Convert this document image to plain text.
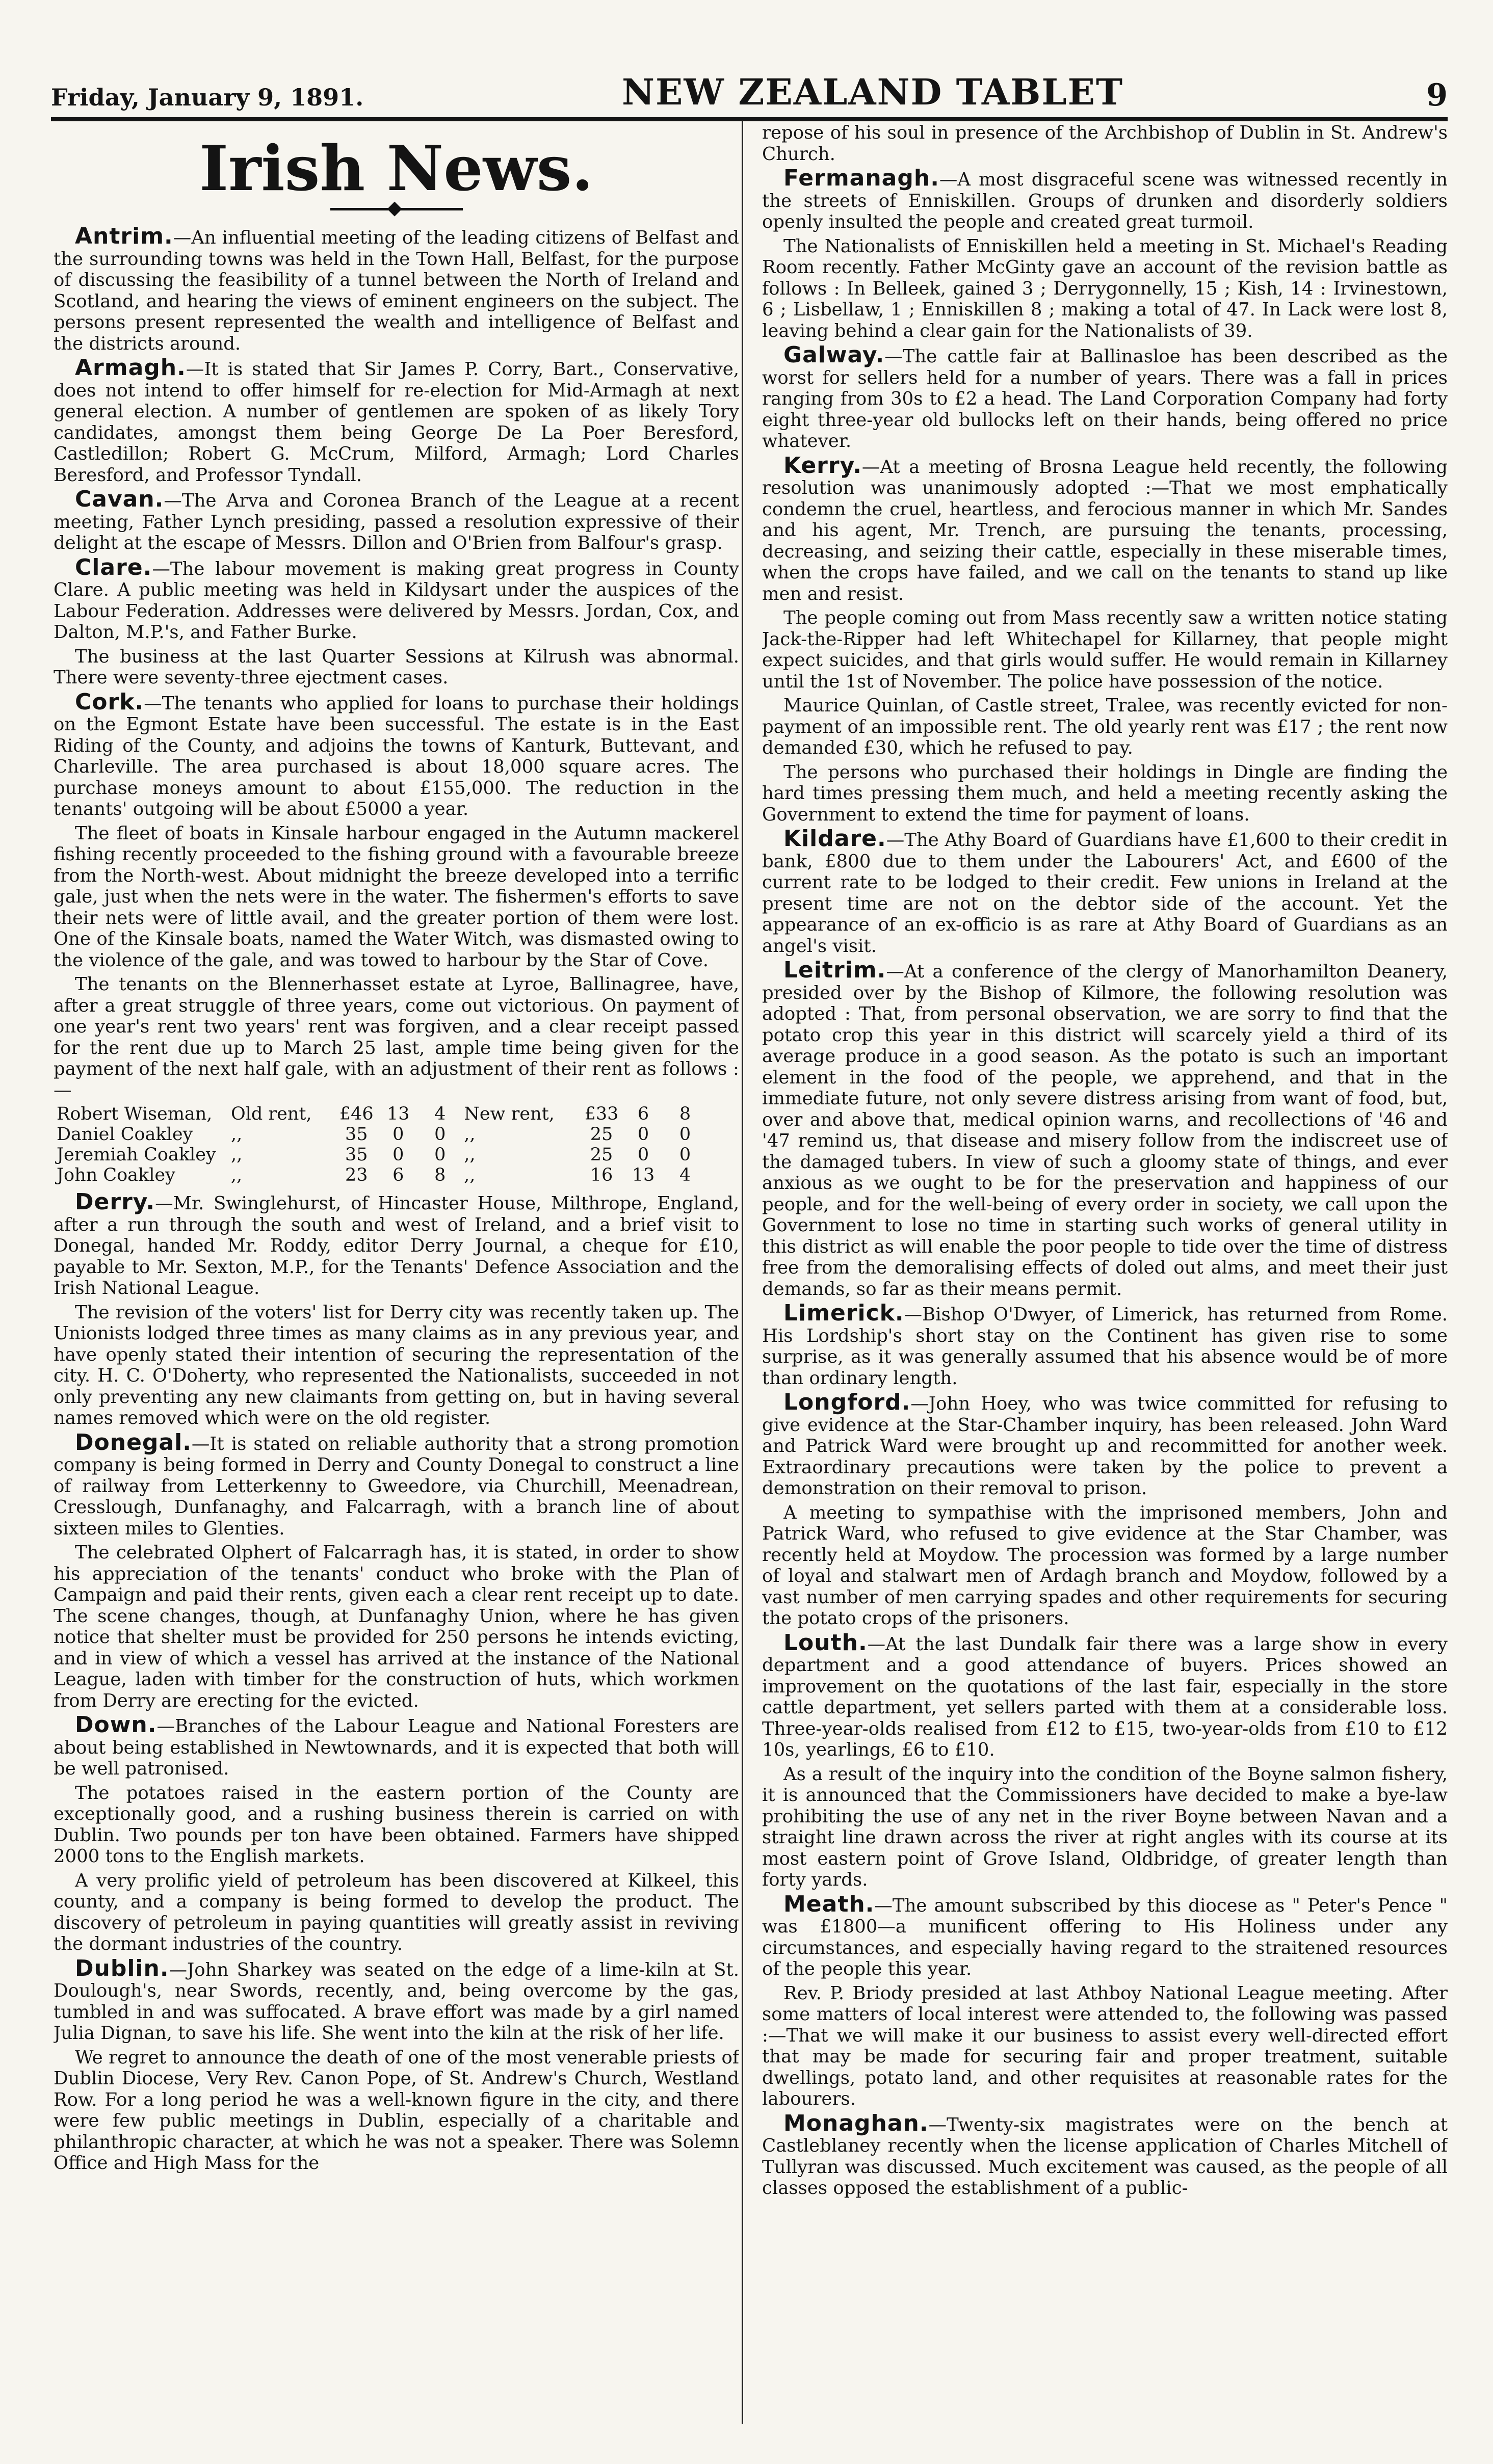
Friday, January 9, 1891.	NEW ZEALAND TABLET	9
Irish News.
◆

Antrim.—An influential meeting of the leading citizens of Belfast and the surrounding towns was held in the Town Hall, Belfast, for the purpose of discussing the feasibility of a tunnel between the North of Ireland and Scotland, and hearing the views of eminent engineers on the subject. The persons present represented the wealth and intelligence of Belfast and the districts around.

Armagh.—It is stated that Sir James P. Corry, Bart., Conservative, does not intend to offer himself for re-election for Mid-Armagh at next general election. A number of gentlemen are spoken of as likely Tory candidates, amongst them being George De La Poer Beresford, Castledillon; Robert G. McCrum, Milford, Armagh; Lord Charles Beresford, and Professor Tyndall.

Cavan.—The Arva and Coronea Branch of the League at a recent meeting, Father Lynch presiding, passed a resolution expressive of their delight at the escape of Messrs. Dillon and O'Brien from Balfour's grasp.

Clare.—The labour movement is making great progress in County Clare. A public meeting was held in Kildysart under the auspices of the Labour Federation. Addresses were delivered by Messrs. Jordan, Cox, and Dalton, M.P.'s, and Father Burke.

The business at the last Quarter Sessions at Kilrush was abnormal. There were seventy-three ejectment cases.

Cork.—The tenants who applied for loans to purchase their holdings on the Egmont Estate have been successful. The estate is in the East Riding of the County, and adjoins the towns of Kanturk, Buttevant, and Charleville. The area purchased is about 18,000 square acres. The purchase moneys amount to about £155,000. The reduction in the tenants' outgoing will be about £5000 a year.

The fleet of boats in Kinsale harbour engaged in the Autumn mackerel fishing recently proceeded to the fishing ground with a favourable breeze from the North-west. About midnight the breeze developed into a terrific gale, just when the nets were in the water. The fishermen's efforts to save their nets were of little avail, and the greater portion of them were lost. One of the Kinsale boats, named the Water Witch, was dismasted owing to the violence of the gale, and was towed to harbour by the Star of Cove.

The tenants on the Blennerhasset estate at Lyroe, Ballinagree, have, after a great struggle of three years, come out victorious. On payment of one year's rent two years' rent was forgiven, and a clear receipt passed for the rent due up to March 25 last, ample time being given for the payment of the next half gale, with an adjustment of their rent as follows :—

Robert Wiseman,	Old rent,	£46	13	4	New rent,	£33	6	8
Daniel Coakley	,,	35	0	0	,,	25	0	0
Jeremiah Coakley	,,	35	0	0	,,	25	0	0
John Coakley	,,	23	6	8	,,	16	13	4

Derry.—Mr. Swinglehurst, of Hincaster House, Milthrope, England, after a run through the south and west of Ireland, and a brief visit to Donegal, handed Mr. Roddy, editor Derry Journal, a cheque for £10, payable to Mr. Sexton, M.P., for the Tenants' Defence Association and the Irish National League.

The revision of the voters' list for Derry city was recently taken up. The Unionists lodged three times as many claims as in any previous year, and have openly stated their intention of securing the representation of the city. H. C. O'Doherty, who represented the Nationalists, succeeded in not only preventing any new claimants from getting on, but in having several names removed which were on the old register.

Donegal.—It is stated on reliable authority that a strong promotion company is being formed in Derry and County Donegal to construct a line of railway from Letterkenny to Gweedore, via Churchill, Meenadrean, Cresslough, Dunfanaghy, and Falcarragh, with a branch line of about sixteen miles to Glenties.

The celebrated Olphert of Falcarragh has, it is stated, in order to show his appreciation of the tenants' conduct who broke with the Plan of Campaign and paid their rents, given each a clear rent receipt up to date. The scene changes, though, at Dunfanaghy Union, where he has given notice that shelter must be provided for 250 persons he intends evicting, and in view of which a vessel has arrived at the instance of the National League, laden with timber for the construction of huts, which workmen from Derry are erecting for the evicted.

Down.—Branches of the Labour League and National Foresters are about being established in Newtownards, and it is expected that both will be well patronised.

The potatoes raised in the eastern portion of the County are exceptionally good, and a rushing business therein is carried on with Dublin. Two pounds per ton have been obtained. Farmers have shipped 2000 tons to the English markets.

A very prolific yield of petroleum has been discovered at Kilkeel, this county, and a company is being formed to develop the product. The discovery of petroleum in paying quantities will greatly assist in reviving the dormant industries of the country.

Dublin.—John Sharkey was seated on the edge of a lime-kiln at St. Doulough's, near Swords, recently, and, being overcome by the gas, tumbled in and was suffocated. A brave effort was made by a girl named Julia Dignan, to save his life. She went into the kiln at the risk of her life.

We regret to announce the death of one of the most venerable priests of Dublin Diocese, Very Rev. Canon Pope, of St. Andrew's Church, Westland Row. For a long period he was a well-known figure in the city, and there were few public meetings in Dublin, especially of a charitable and philanthropic character, at which he was not a speaker. There was Solemn Office and High Mass for the

repose of his soul in presence of the Archbishop of Dublin in St. Andrew's Church.

Fermanagh.—A most disgraceful scene was witnessed recently in the streets of Enniskillen. Groups of drunken and disorderly soldiers openly insulted the people and created great turmoil.

The Nationalists of Enniskillen held a meeting in St. Michael's Reading Room recently. Father McGinty gave an account of the revision battle as follows : In Belleek, gained 3 ; Derrygonnelly, 15 ; Kish, 14 : Irvinestown, 6 ; Lisbellaw, 1 ; Enniskillen 8 ; making a total of 47. In Lack were lost 8, leaving behind a clear gain for the Nationalists of 39.

Galway.—The cattle fair at Ballinasloe has been described as the worst for sellers held for a number of years. There was a fall in prices ranging from 30s to £2 a head. The Land Corporation Company had forty eight three-year old bullocks left on their hands, being offered no price whatever.

Kerry.—At a meeting of Brosna League held recently, the following resolution was unanimously adopted :—That we most emphatically condemn the cruel, heartless, and ferocious manner in which Mr. Sandes and his agent, Mr. Trench, are pursuing the tenants, processing, decreasing, and seizing their cattle, especially in these miserable times, when the crops have failed, and we call on the tenants to stand up like men and resist.

The people coming out from Mass recently saw a written notice stating Jack-the-Ripper had left Whitechapel for Killarney, that people might expect suicides, and that girls would suffer. He would remain in Killarney until the 1st of November. The police have possession of the notice.

Maurice Quinlan, of Castle street, Tralee, was recently evicted for non-payment of an impossible rent. The old yearly rent was £17 ; the rent now demanded £30, which he refused to pay.

The persons who purchased their holdings in Dingle are finding the hard times pressing them much, and held a meeting recently asking the Government to extend the time for payment of loans.

Kildare.—The Athy Board of Guardians have £1,600 to their credit in bank, £800 due to them under the Labourers' Act, and £600 of the current rate to be lodged to their credit. Few unions in Ireland at the present time are not on the debtor side of the account. Yet the appearance of an ex-officio is as rare at Athy Board of Guardians as an angel's visit.

Leitrim.—At a conference of the clergy of Manorhamilton Deanery, presided over by the Bishop of Kilmore, the following resolution was adopted : That, from personal observation, we are sorry to find that the potato crop this year in this district will scarcely yield a third of its average produce in a good season. As the potato is such an important element in the food of the people, we apprehend, and that in the immediate future, not only severe distress arising from want of food, but, over and above that, medical opinion warns, and recollections of '46 and '47 remind us, that disease and misery follow from the indiscreet use of the damaged tubers. In view of such a gloomy state of things, and ever anxious as we ought to be for the preservation and happiness of our people, and for the well-being of every order in society, we call upon the Government to lose no time in starting such works of general utility in this district as will enable the poor people to tide over the time of distress free from the demoralising effects of doled out alms, and meet their just demands, so far as their means permit.

Limerick.—Bishop O'Dwyer, of Limerick, has returned from Rome. His Lordship's short stay on the Continent has given rise to some surprise, as it was generally assumed that his absence would be of more than ordinary length.

Longford.—John Hoey, who was twice committed for refusing to give evidence at the Star-Chamber inquiry, has been released. John Ward and Patrick Ward were brought up and recommitted for another week. Extraordinary precautions were taken by the police to prevent a demonstration on their removal to prison.

A meeting to sympathise with the imprisoned members, John and Patrick Ward, who refused to give evidence at the Star Chamber, was recently held at Moydow. The procession was formed by a large number of loyal and stalwart men of Ardagh branch and Moydow, followed by a vast number of men carrying spades and other requirements for securing the potato crops of the prisoners.

Louth.—At the last Dundalk fair there was a large show in every department and a good attendance of buyers. Prices showed an improvement on the quotations of the last fair, especially in the store cattle department, yet sellers parted with them at a considerable loss. Three-year-olds realised from £12 to £15, two-year-olds from £10 to £12 10s, yearlings, £6 to £10.

As a result of the inquiry into the condition of the Boyne salmon fishery, it is announced that the Commissioners have decided to make a bye-law prohibiting the use of any net in the river Boyne between Navan and a straight line drawn across the river at right angles with its course at its most eastern point of Grove Island, Oldbridge, of greater length than forty yards.

Meath.—The amount subscribed by this diocese as " Peter's Pence " was £1800—a munificent offering to His Holiness under any circumstances, and especially having regard to the straitened resources of the people this year.

Rev. P. Briody presided at last Athboy National League meeting. After some matters of local interest were attended to, the following was passed :—That we will make it our business to assist every well-directed effort that may be made for securing fair and proper treatment, suitable dwellings, potato land, and other requisites at reasonable rates for the labourers.

Monaghan.—Twenty-six magistrates were on the bench at Castleblaney recently when the license application of Charles Mitchell of Tullyran was discussed. Much excitement was caused, as the people of all classes opposed the establishment of a public-
